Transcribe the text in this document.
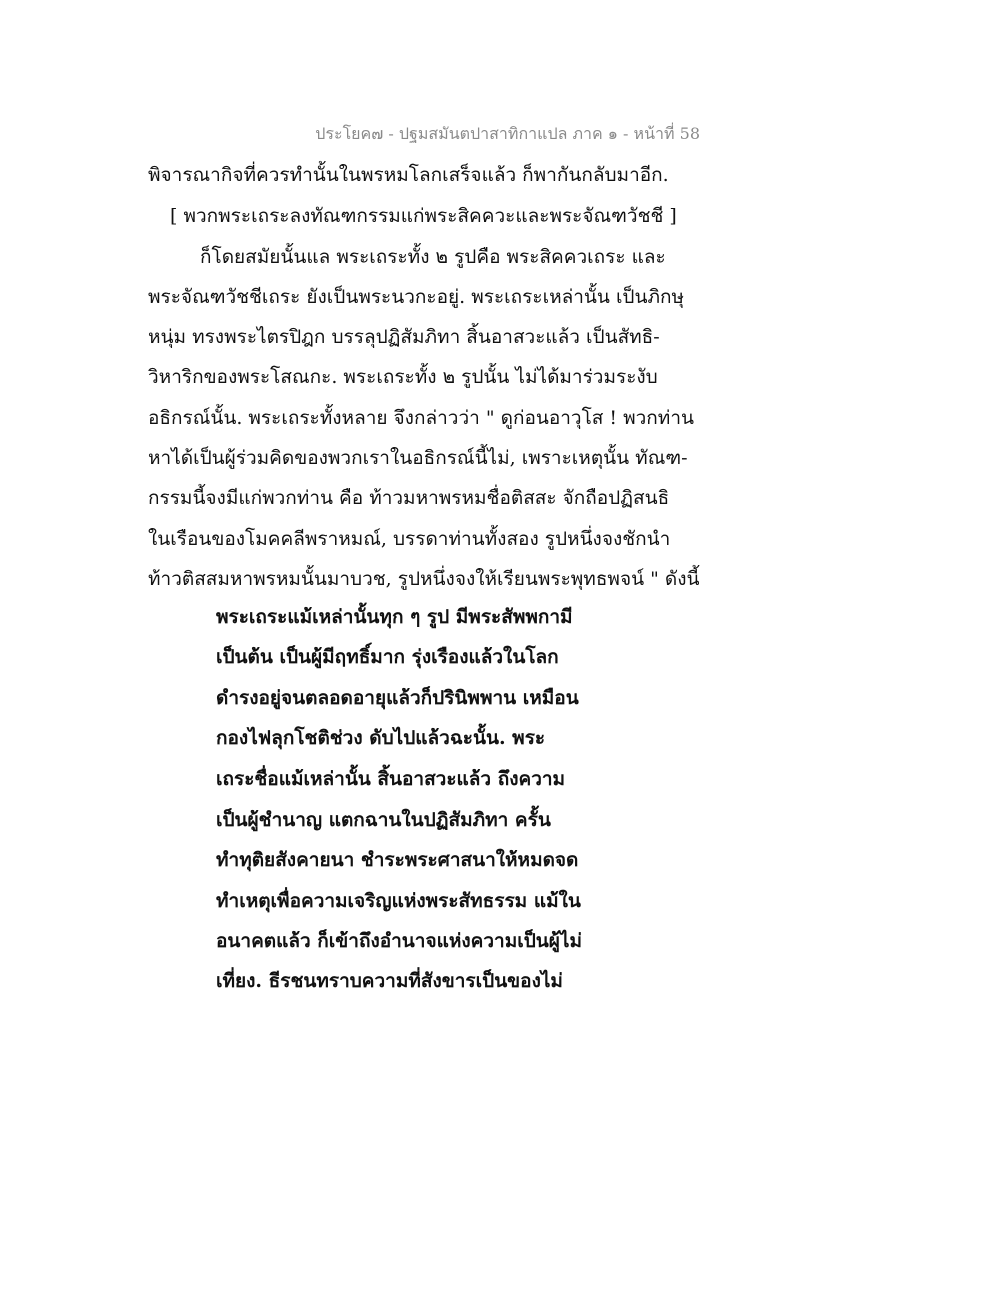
ประโยค๗ - ปฐมสมันตปาสาทิกาแปล ภาค ๑ - หน้าที่ 58
พิจารณากิจที่ควรทำนั้นในพรหมโลกเสร็จแล้ว ก็พากันกลับมาอีก.
[ พวกพระเถระลงทัณฑกรรมแก่พระสิคควะและพระจัณฑวัชชี ]
ก็โดยสมัยนั้นแล พระเถระทั้ง ๒ รูปคือ พระสิคควเถระ และ
พระจัณฑวัชชีเถระ ยังเป็นพระนวกะอยู่. พระเถระเหล่านั้น เป็นภิกษุ
หนุ่ม ทรงพระไตรปิฎก บรรลุปฏิสัมภิทา สิ้นอาสวะแล้ว เป็นสัทธิ-
วิหาริกของพระโสณกะ. พระเถระทั้ง ๒ รูปนั้น ไม่ได้มาร่วมระงับ
อธิกรณ์นั้น. พระเถระทั้งหลาย จึงกล่าวว่า " ดูก่อนอาวุโส ! พวกท่าน
หาได้เป็นผู้ร่วมคิดของพวกเราในอธิกรณ์นี้ไม่, เพราะเหตุนั้น ทัณฑ-
กรรมนี้จงมีแก่พวกท่าน คือ ท้าวมหาพรหมชื่อติสสะ จักถือปฏิสนธิ
ในเรือนของโมคคลีพราหมณ์, บรรดาท่านทั้งสอง รูปหนึ่งจงชักนำ
ท้าวติสสมหาพรหมนั้นมาบวช, รูปหนึ่งจงให้เรียนพระพุทธพจน์ " ดังนี้
พระเถระแม้เหล่านั้นทุก ๆ รูป มีพระสัพพกามี
เป็นต้น เป็นผู้มีฤทธิ์มาก รุ่งเรืองแล้วในโลก
ดำรงอยู่จนตลอดอายุแล้วก็ปรินิพพาน เหมือน
กองไฟลุกโชติช่วง ดับไปแล้วฉะนั้น. พระ
เถระชื่อแม้เหล่านั้น สิ้นอาสวะแล้ว ถึงความ
เป็นผู้ชำนาญ แตกฉานในปฏิสัมภิทา ครั้น
ทำทุติยสังคายนา ชำระพระศาสนาให้หมดจด
ทำเหตุเพื่อความเจริญแห่งพระสัทธรรม แม้ใน
อนาคตแล้ว ก็เข้าถึงอำนาจแห่งความเป็นผู้ไม่
เที่ยง. ธีรชนทราบความที่สังขารเป็นของไม่
